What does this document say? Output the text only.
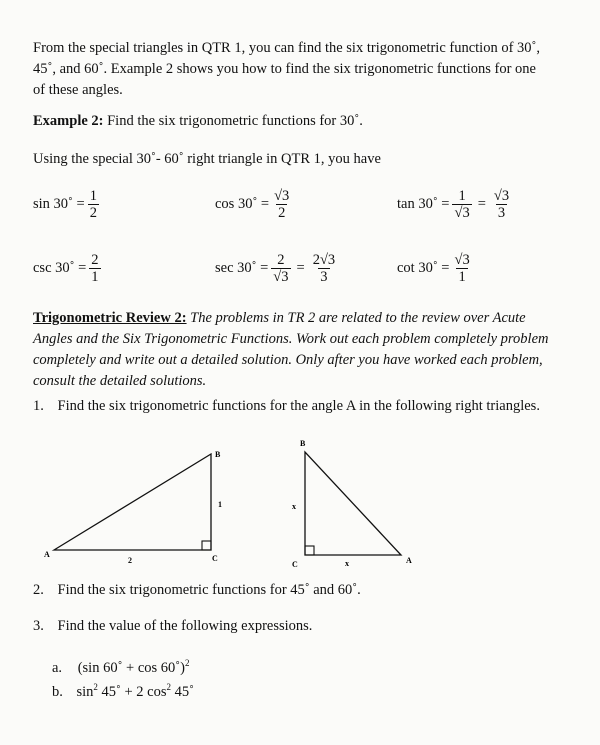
From the special triangles in QTR 1, you can find the six trigonometric function of 30˚,
45˚, and 60˚. Example 2 shows you how to find the six trigonometric functions for one
of these angles.
Example 2: Find the six trigonometric functions for 30˚.
Using the special 30˚- 60˚ right triangle in QTR 1, you have
sin 30˚ = $\frac{1}{2}$	cos 30˚ = $\frac{√3}{2}$	tan 30˚ = $\frac{1}{√3} = \frac{√3}{3}$
csc 30˚ = $\frac{2}{1}$	sec 30˚ = $\frac{2}{√3} = \frac{2√3}{3}$	cot 30˚ = $\frac{√3}{1}$
Trigonometric Review 2: The problems in TR 2 are related to the review over Acute
Angles and the Six Trigonometric Functions. Work out each problem completely problem
completely and write out a detailed solution. Only after you have worked each problem,
consult the detailed solutions.
1. Find the six trigonometric functions for the angle A in the following right triangles.
A
B
C
1
2
B
C	A
x
x
2. Find the six trigonometric functions for 45˚ and 60˚.
3. Find the value of the following expressions.
a. (sin 60˚ + cos 60˚)$^2$
b. $\sin^2$ 45˚ + 2 $\cos^2$ 45˚
